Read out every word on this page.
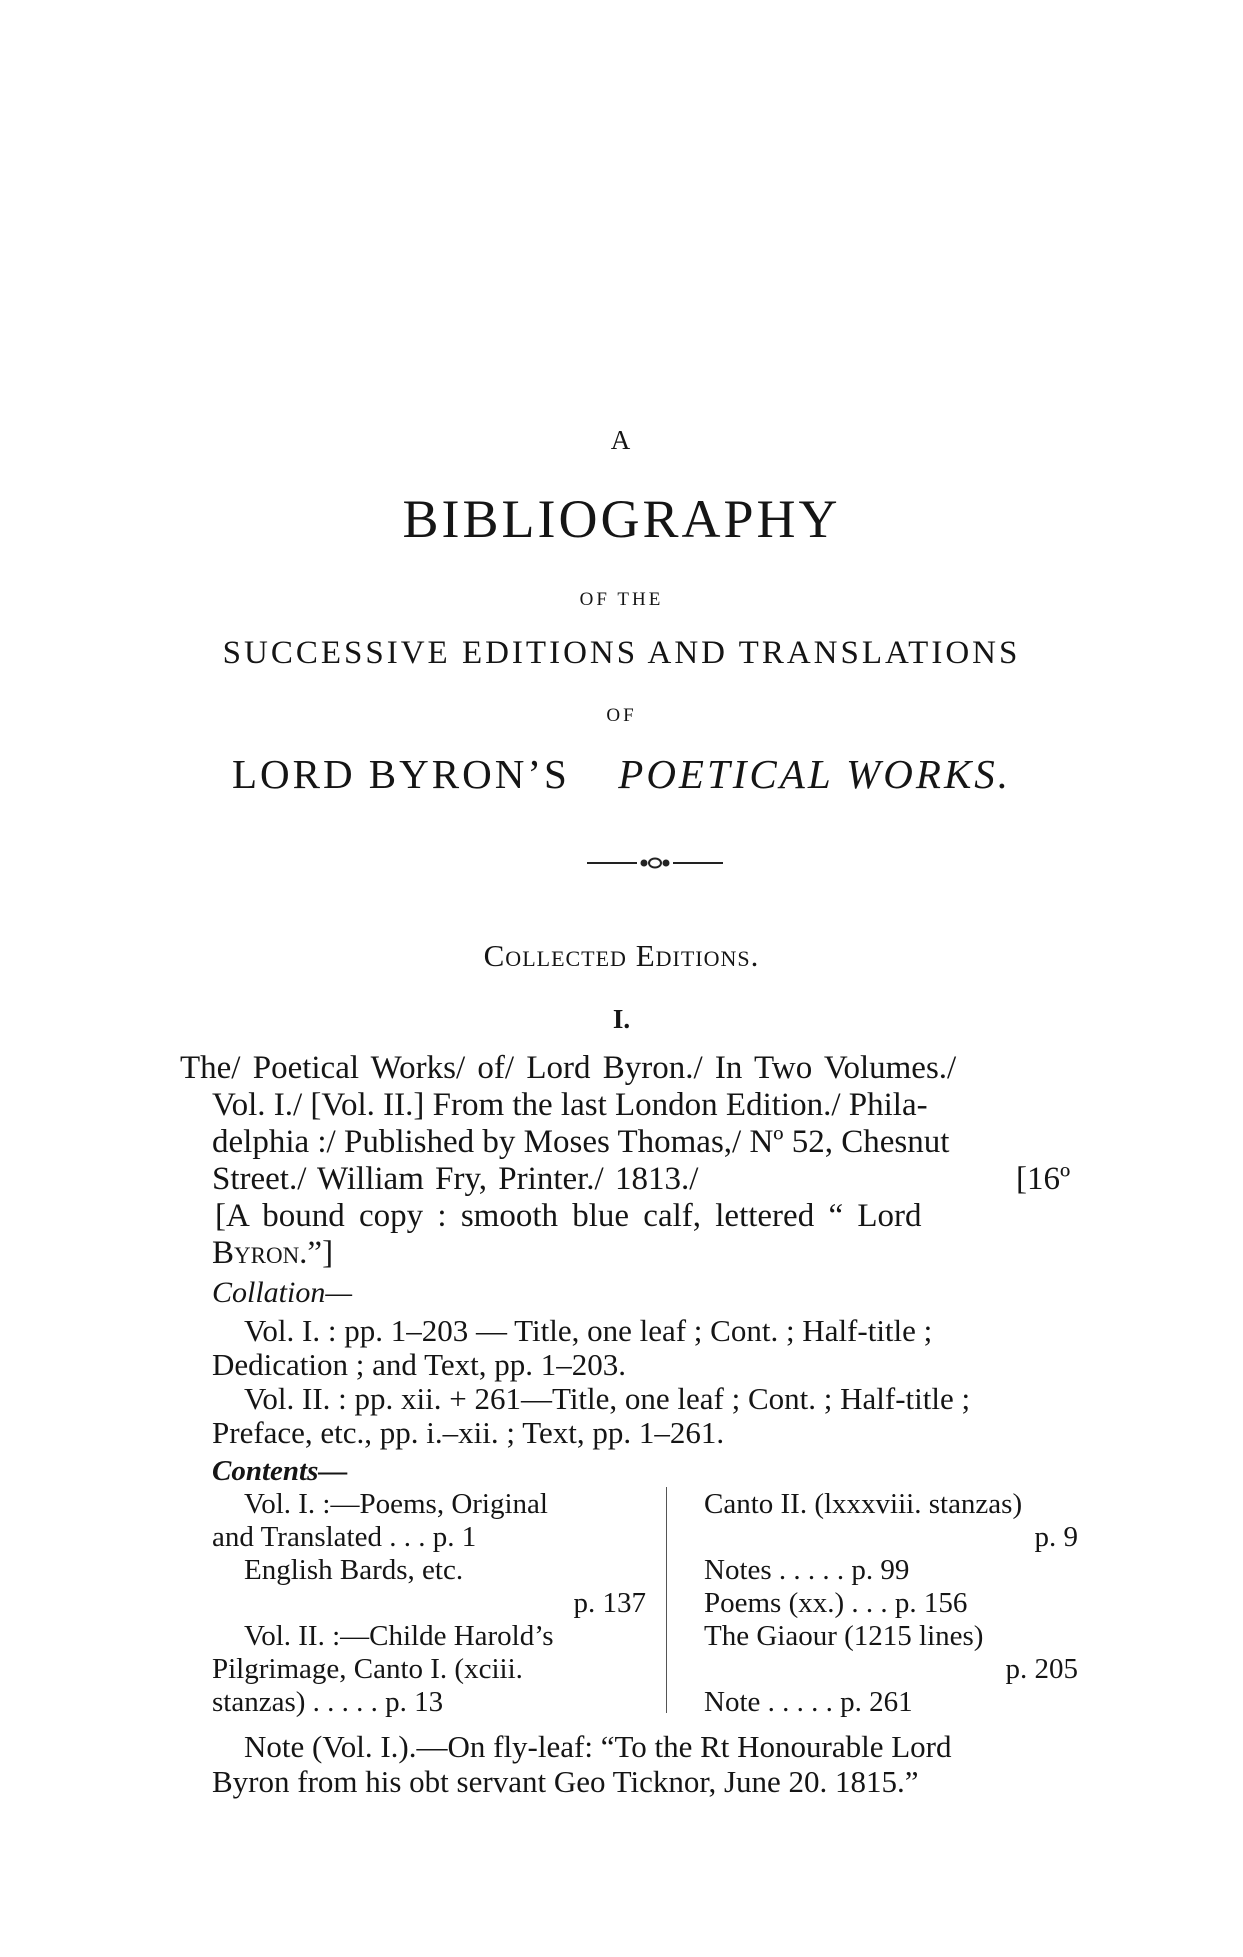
A
BIBLIOGRAPHY
OF THE
SUCCESSIVE EDITIONS AND TRANSLATIONS
OF
LORD BYRON’S POETICAL WORKS.
Collected Editions.
I.
The/ Poetical Works/ of/ Lord Byron./ In Two Volumes./
Vol. I./ [Vol. II.] From the last London Edition./ Phila-
delphia :/ Published by Moses Thomas,/ Nº 52, Chesnut
Street./ William Fry, Printer./ 1813./	[16º
[A bound copy : smooth blue calf, lettered “ Lord
Byron.”]
Collation—
Vol. I. : pp. 1–203 — Title, one leaf ; Cont. ; Half-title ;
Dedication ; and Text, pp. 1–203.
Vol. II. : pp. xii. + 261—Title, one leaf ; Cont. ; Half-title ;
Preface, etc., pp. i.–xii. ; Text, pp. 1–261.
Contents—
Vol. I. :—Poems, Original
and Translated . . . p. 1
English Bards, etc.
p. 137
Vol. II. :—Childe Harold’s
Pilgrimage, Canto I. (xciii.
stanzas) . . . . . p. 13
Canto II. (lxxxviii. stanzas)
p. 9
Notes . . . . . p. 99
Poems (xx.) . . . p. 156
The Giaour (1215 lines)
p. 205
Note . . . . . p. 261
Note (Vol. I.).—On fly-leaf: “To the Rt Honourable Lord
Byron from his obt servant Geo Ticknor, June 20. 1815.”
